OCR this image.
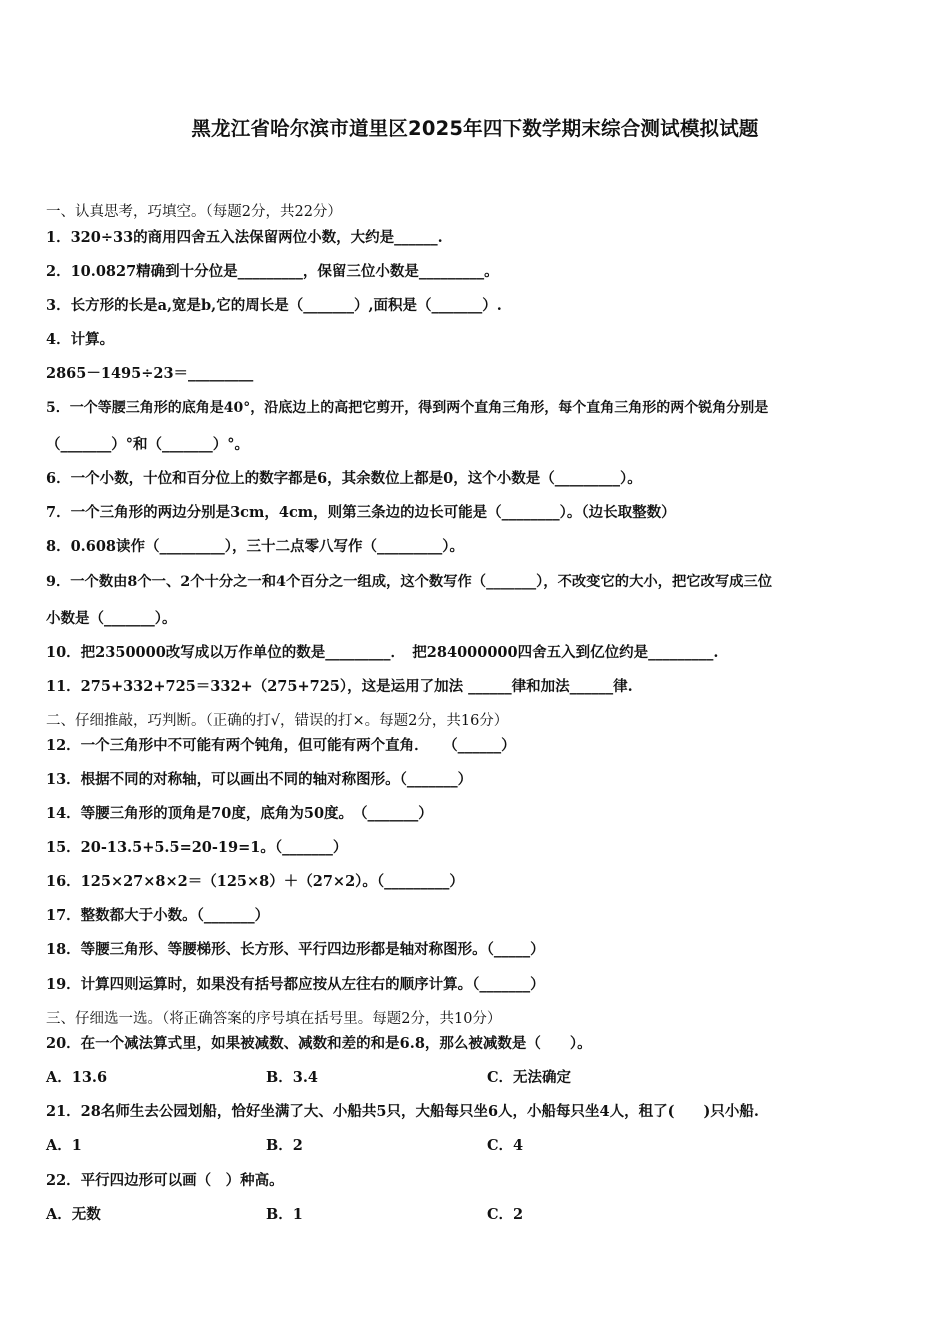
黑龙江省哈尔滨市道里区2025年四下数学期末综合测试模拟试题
一、认真思考，巧填空。（每题2分，共22分）
1．320÷33的商用四舍五入法保留两位小数，大约是______.
2．10.0827精确到十分位是_________，保留三位小数是_________。
3．长方形的长是a,宽是b,它的周长是（_______）,面积是（_______）.
4．计算。
2865－1495÷23＝_________
5．一个等腰三角形的底角是40°，沿底边上的高把它剪开，得到两个直角三角形，每个直角三角形的两个锐角分别是
（_______）°和（_______）°。
6．一个小数，十位和百分位上的数字都是6，其余数位上都是0，这个小数是（_________）。
7．一个三角形的两边分别是3cm，4cm，则第三条边的边长可能是（________）。（边长取整数）
8．0.608读作（_________），三十二点零八写作（_________）。
9．一个数由8个一、2个十分之一和4个百分之一组成，这个数写作（_______），不改变它的大小，把它改写成三位
小数是（_______）。
10．把2350000改写成以万作单位的数是_________．　把284000000四舍五入到亿位约是_________.
11．275+332+725＝332+（275+725），这是运用了加法 ______律和加法______律.
二、仔细推敲，巧判断。（正确的打√，错误的打×。每题2分，共16分）
12．一个三角形中不可能有两个钝角，但可能有两个直角．　　（______）
13．根据不同的对称轴，可以画出不同的轴对称图形。（_______）
14．等腰三角形的顶角是70度，底角为50度。　（_______）
15．20-13.5+5.5=20-19=1。（_______）
16．125×27×8×2＝（125×8）＋（27×2）。（_________）
17．整数都大于小数。（_______）
18．等腰三角形、等腰梯形、长方形、平行四边形都是轴对称图形。（_____）
19．计算四则运算时，如果没有括号都应按从左往右的顺序计算。（_______）
三、仔细选一选。（将正确答案的序号填在括号里。每题2分，共10分）
20．在一个减法算式里，如果被减数、减数和差的和是6.8，那么被减数是（　　）。
A．13.6	B．3.4	C．无法确定
21．28名师生去公园划船，恰好坐满了大、小船共5只，大船每只坐6人，小船每只坐4人，租了(　　)只小船.
A．1	B．2	C．4
22．平行四边形可以画（　）种高。
A．无数	B．1	C．2
